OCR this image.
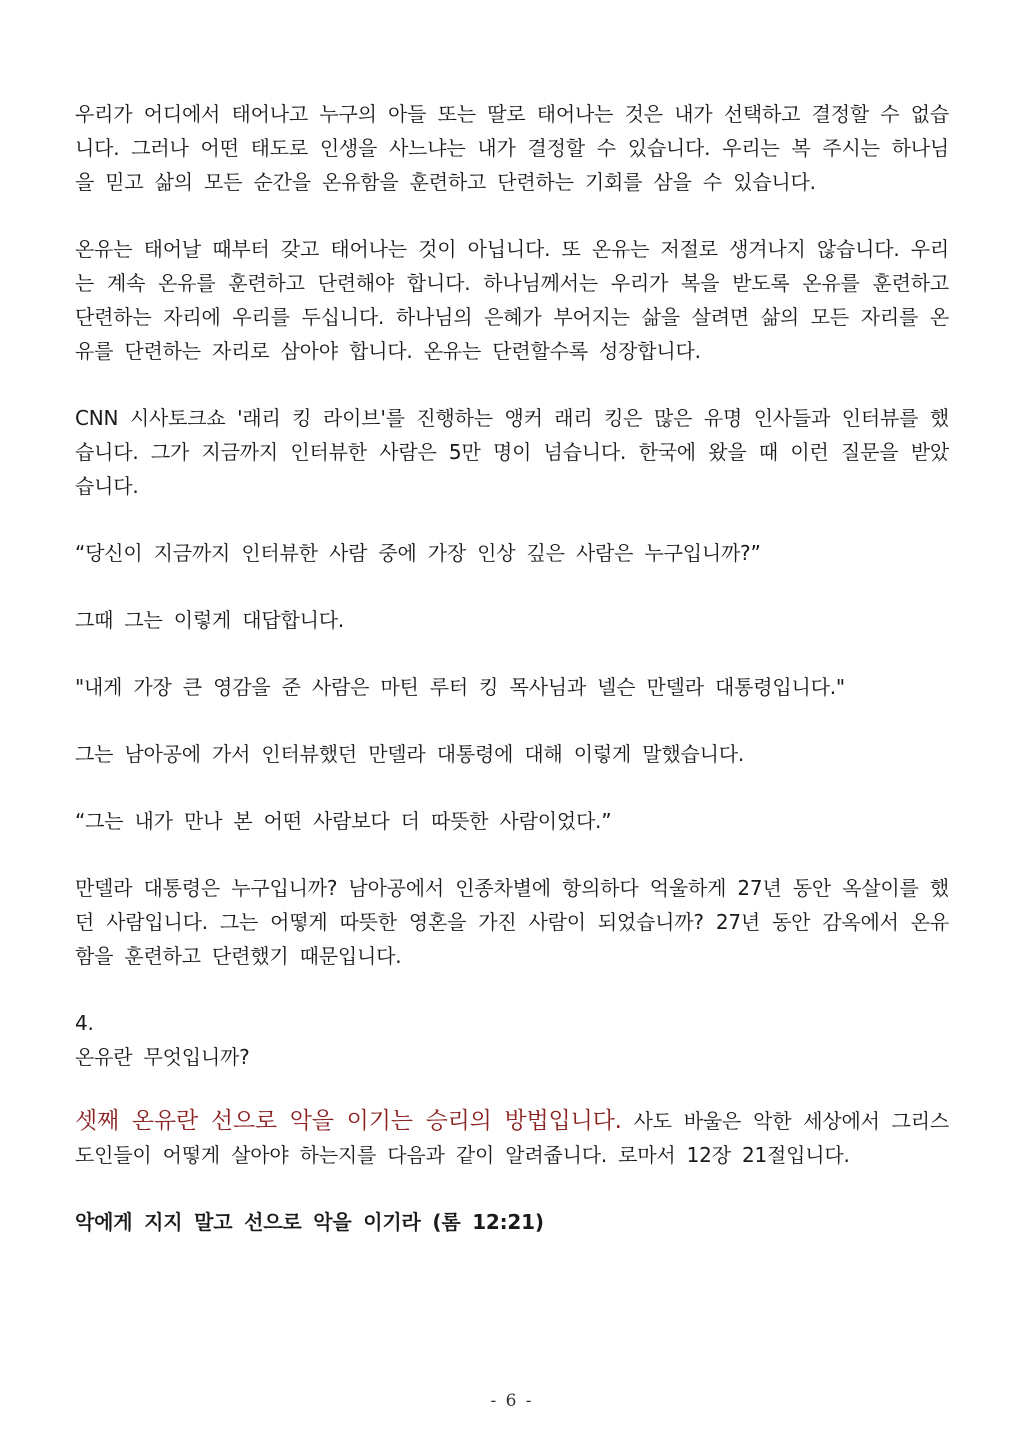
우리가 어디에서 태어나고 누구의 아들 또는 딸로 태어나는 것은 내가 선택하고 결정할 수 없습니다. 그러나 어떤 태도로 인생을 사느냐는 내가 결정할 수 있습니다. 우리는 복 주시는 하나님을 믿고 삶의 모든 순간을 온유함을 훈련하고 단련하는 기회를 삼을 수 있습니다.

온유는 태어날 때부터 갖고 태어나는 것이 아닙니다. 또 온유는 저절로 생겨나지 않습니다. 우리는 계속 온유를 훈련하고 단련해야 합니다. 하나님께서는 우리가 복을 받도록 온유를 훈련하고 단련하는 자리에 우리를 두십니다. 하나님의 은혜가 부어지는 삶을 살려면 삶의 모든 자리를 온유를 단련하는 자리로 삼아야 합니다. 온유는 단련할수록 성장합니다.

CNN 시사토크쇼 '래리 킹 라이브'를 진행하는 앵커 래리 킹은 많은 유명 인사들과 인터뷰를 했습니다. 그가 지금까지 인터뷰한 사람은 5만 명이 넘습니다. 한국에 왔을 때 이런 질문을 받았습니다.

“당신이 지금까지 인터뷰한 사람 중에 가장 인상 깊은 사람은 누구입니까?”

그때 그는 이렇게 대답합니다.

"내게 가장 큰 영감을 준 사람은 마틴 루터 킹 목사님과 넬슨 만델라 대통령입니다."

그는 남아공에 가서 인터뷰했던 만델라 대통령에 대해 이렇게 말했습니다.

“그는 내가 만나 본 어떤 사람보다 더 따뜻한 사람이었다.”

만델라 대통령은 누구입니까? 남아공에서 인종차별에 항의하다 억울하게 27년 동안 옥살이를 했던 사람입니다. 그는 어떻게 따뜻한 영혼을 가진 사람이 되었습니까? 27년 동안 감옥에서 온유함을 훈련하고 단련했기 때문입니다.

4.
온유란 무엇입니까?

셋째 온유란 선으로 악을 이기는 승리의 방법입니다. 사도 바울은 악한 세상에서 그리스도인들이 어떻게 살아야 하는지를 다음과 같이 알려줍니다. 로마서 12장 21절입니다.

악에게 지지 말고 선으로 악을 이기라 (롬 12:21)

- 6 -
